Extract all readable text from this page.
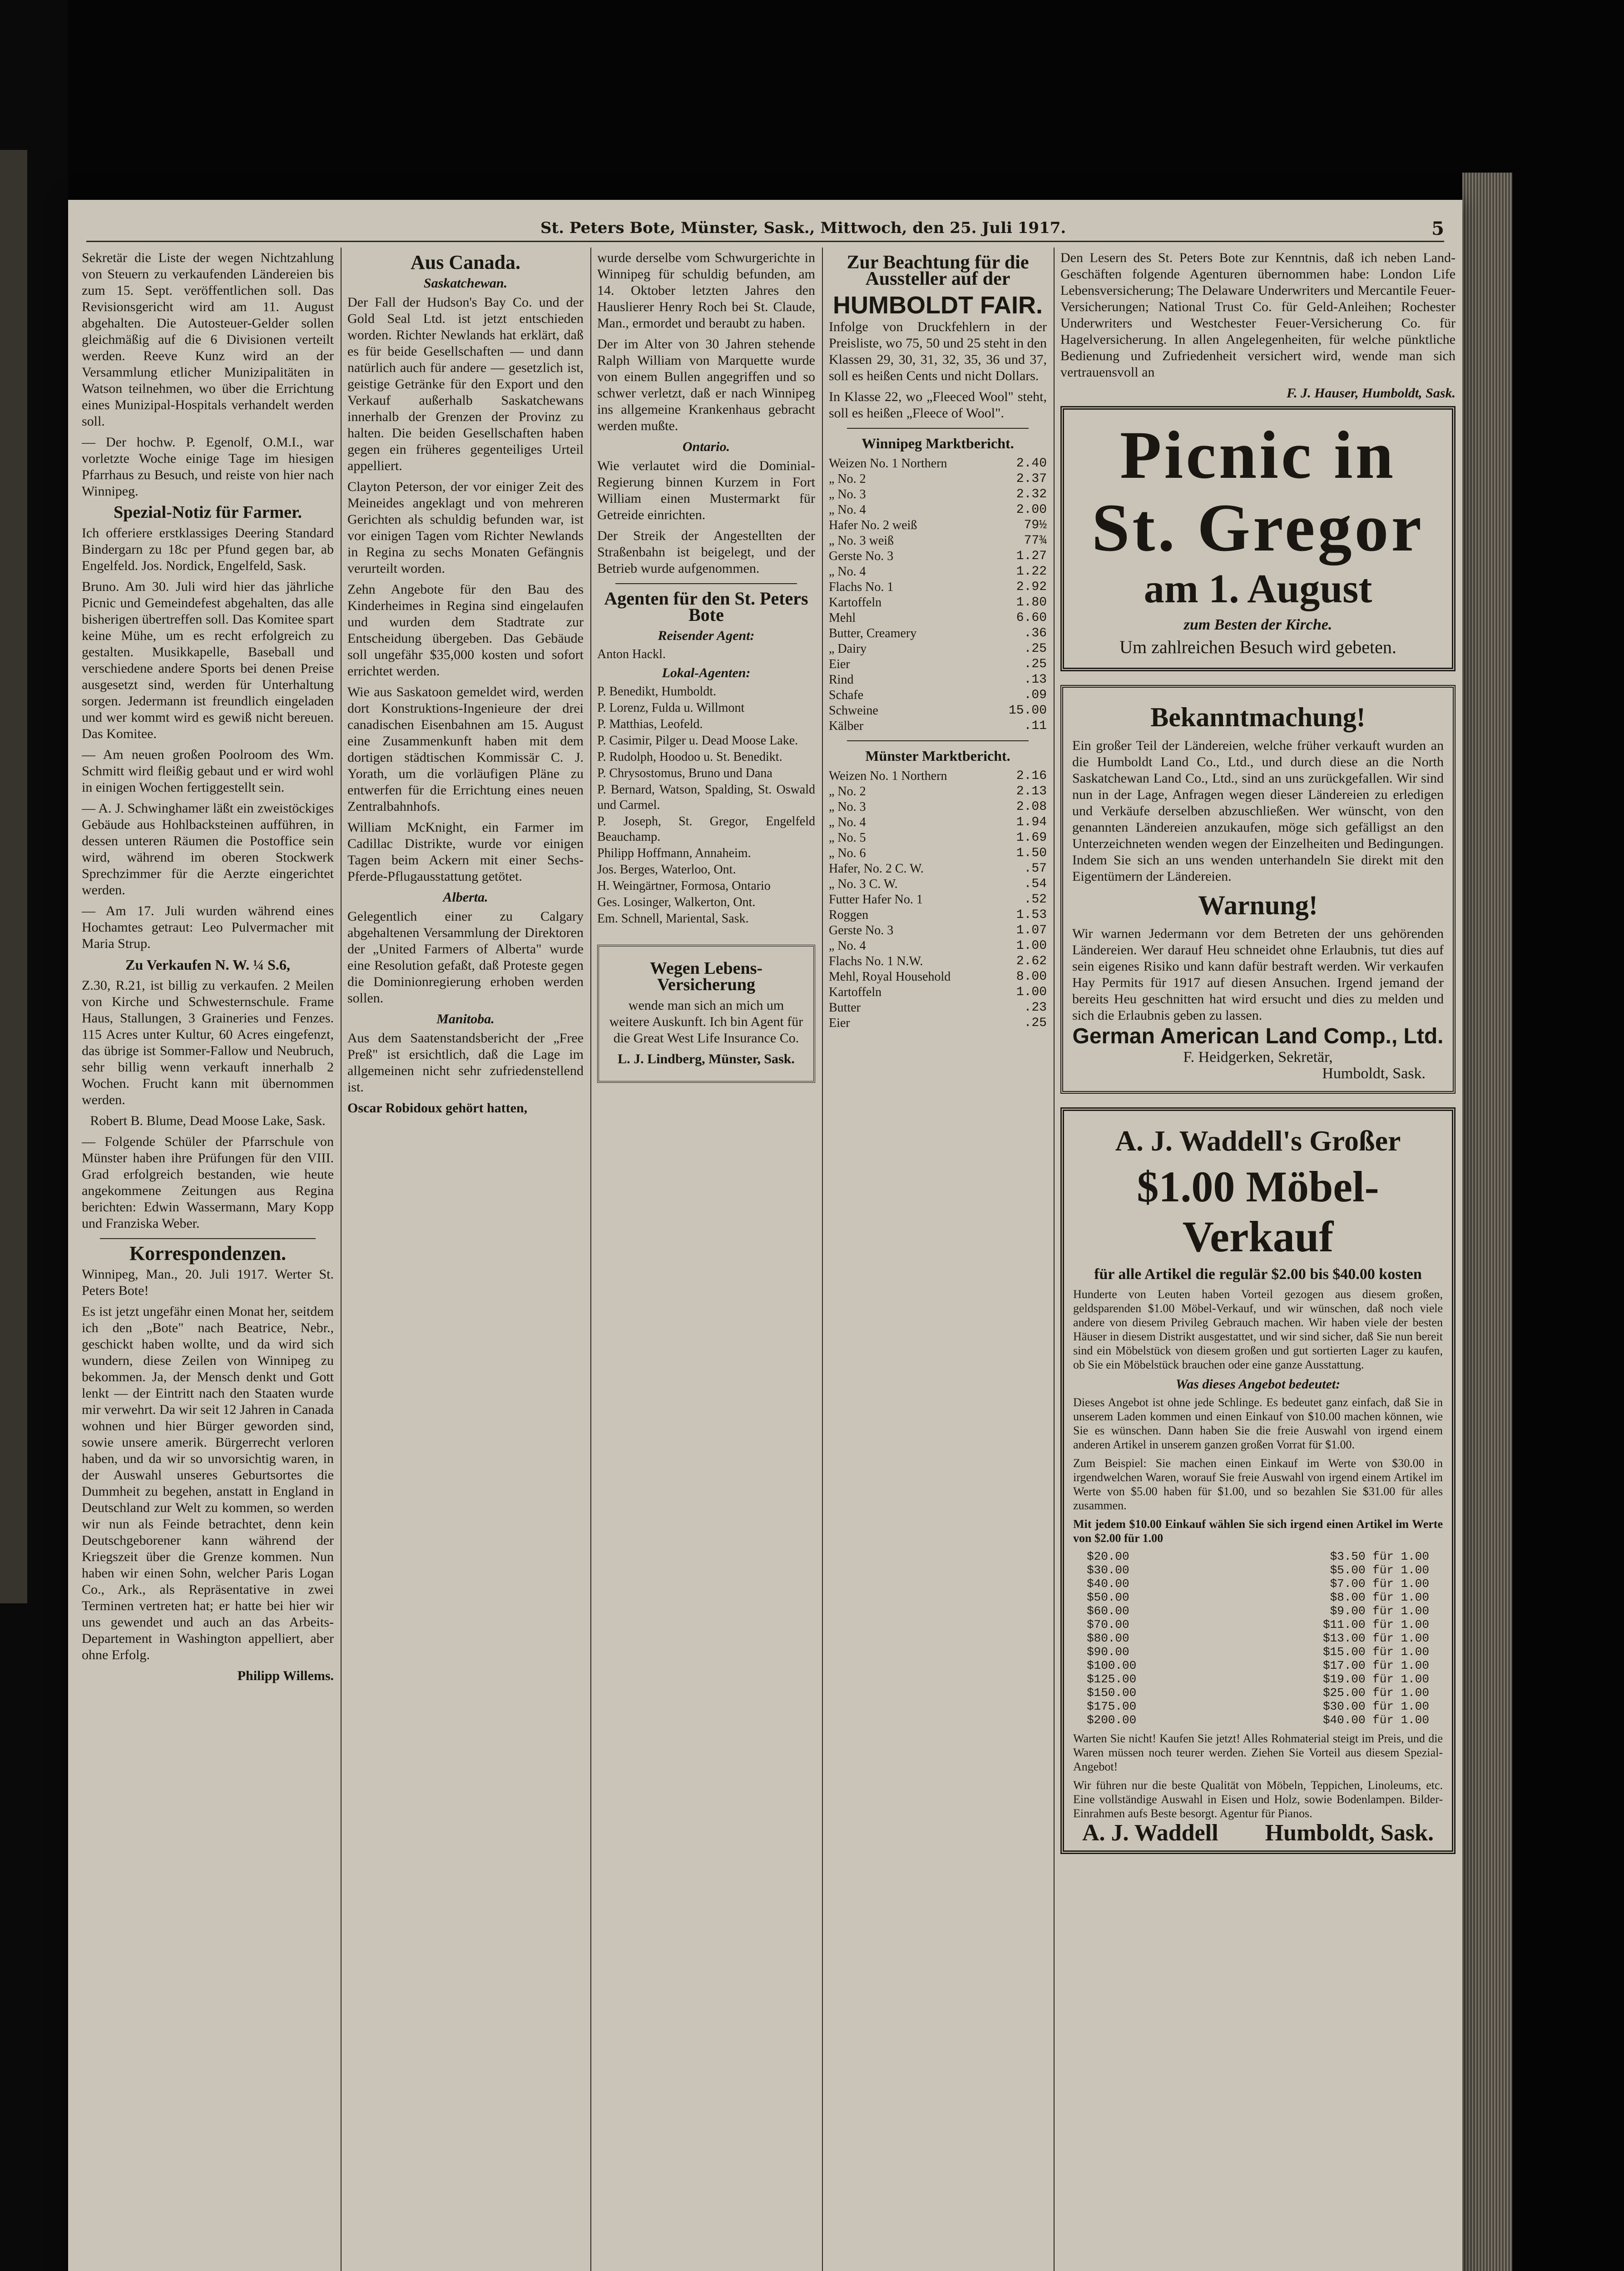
St. Peters Bote, Münster, Sask., Mittwoch, den 25. Juli 1917.	5

Sekretär die Liste der wegen Nichtzahlung von Steuern zu verkaufenden Ländereien bis zum 15. Sept. veröffentlichen soll. Das Revisionsgericht wird am 11. August abgehalten. Die Autosteuer-Gelder sollen gleichmäßig auf die 6 Divisionen verteilt werden. Reeve Kunz wird an der Versammlung etlicher Munizipalitäten in Watson teilnehmen, wo über die Errichtung eines Munizipal-Hospitals verhandelt werden soll.

— Der hochw. P. Egenolf, O.M.I., war vorletzte Woche einige Tage im hiesigen Pfarrhaus zu Besuch, und reiste von hier nach Winnipeg.

Spezial-Notiz für Farmer.

Ich offeriere erstklassiges Deering Standard Bindergarn zu 18c per Pfund gegen bar, ab Engelfeld. Jos. Nordick, Engelfeld, Sask.

Bruno. Am 30. Juli wird hier das jährliche Picnic und Gemeindefest abgehalten, das alle bisherigen übertreffen soll. Das Komitee spart keine Mühe, um es recht erfolgreich zu gestalten. Musikkapelle, Baseball und verschiedene andere Sports bei denen Preise ausgesetzt sind, werden für Unterhaltung sorgen. Jedermann ist freundlich eingeladen und wer kommt wird es gewiß nicht bereuen. Das Komitee.

— Am neuen großen Poolroom des Wm. Schmitt wird fleißig gebaut und er wird wohl in einigen Wochen fertiggestellt sein.

— A. J. Schwinghamer läßt ein zweistöckiges Gebäude aus Hohlbacksteinen aufführen, in dessen unteren Räumen die Postoffice sein wird, während im oberen Stockwerk Sprechzimmer für die Aerzte eingerichtet werden.

— Am 17. Juli wurden während eines Hochamtes getraut: Leo Pulvermacher mit Maria Strup.

Zu Verkaufen N. W. ¼ S.6,

Z.30, R.21, ist billig zu verkaufen. 2 Meilen von Kirche und Schwesternschule. Frame Haus, Stallungen, 3 Graineries und Fenzes. 115 Acres unter Kultur, 60 Acres eingefenzt, das übrige ist Sommer-Fallow und Neubruch, sehr billig wenn verkauft innerhalb 2 Wochen. Frucht kann mit übernommen werden.

Robert B. Blume, Dead Moose Lake, Sask.

— Folgende Schüler der Pfarrschule von Münster haben ihre Prüfungen für den VIII. Grad erfolgreich bestanden, wie heute angekommene Zeitungen aus Regina berichten: Edwin Wassermann, Mary Kopp und Franziska Weber.

Korrespondenzen.

Winnipeg, Man., 20. Juli 1917. Werter St. Peters Bote!

Es ist jetzt ungefähr einen Monat her, seitdem ich den „Bote" nach Beatrice, Nebr., geschickt haben wollte, und da wird sich wundern, diese Zeilen von Winnipeg zu bekommen. Ja, der Mensch denkt und Gott lenkt — der Eintritt nach den Staaten wurde mir verwehrt. Da wir seit 12 Jahren in Canada wohnen und hier Bürger geworden sind, sowie unsere amerik. Bürgerrecht verloren haben, und da wir so unvorsichtig waren, in der Auswahl unseres Geburtsortes die Dummheit zu begehen, anstatt in England in Deutschland zur Welt zu kommen, so werden wir nun als Feinde betrachtet, denn kein Deutschgeborener kann während der Kriegszeit über die Grenze kommen. Nun haben wir einen Sohn, welcher Paris Logan Co., Ark., als Repräsentative in zwei Terminen vertreten hat; er hatte bei hier wir uns gewendet und auch an das Arbeits-Departement in Washington appelliert, aber ohne Erfolg.

Philipp Willems.

Aus Canada.
Saskatchewan.

Der Fall der Hudson's Bay Co. und der Gold Seal Ltd. ist jetzt entschieden worden. Richter Newlands hat erklärt, daß es für beide Gesellschaften — und dann natürlich auch für andere — gesetzlich ist, geistige Getränke für den Export und den Verkauf außerhalb Saskatchewans innerhalb der Grenzen der Provinz zu halten. Die beiden Gesellschaften haben gegen ein früheres gegenteiliges Urteil appelliert.

Clayton Peterson, der vor einiger Zeit des Meineides angeklagt und von mehreren Gerichten als schuldig befunden war, ist vor einigen Tagen vom Richter Newlands in Regina zu sechs Monaten Gefängnis verurteilt worden.

Zehn Angebote für den Bau des Kinderheimes in Regina sind eingelaufen und wurden dem Stadtrate zur Entscheidung übergeben. Das Gebäude soll ungefähr $35,000 kosten und sofort errichtet werden.

Wie aus Saskatoon gemeldet wird, werden dort Konstruktions-Ingenieure der drei canadischen Eisenbahnen am 15. August eine Zusammenkunft haben mit dem dortigen städtischen Kommissär C. J. Yorath, um die vorläufigen Pläne zu entwerfen für die Errichtung eines neuen Zentralbahnhofs.

William McKnight, ein Farmer im Cadillac Distrikte, wurde vor einigen Tagen beim Ackern mit einer Sechs-Pferde-Pflugausstattung getötet.

Alberta.

Gelegentlich einer zu Calgary abgehaltenen Versammlung der Direktoren der „United Farmers of Alberta" wurde eine Resolution gefaßt, daß Proteste gegen die Dominionregierung erhoben werden sollen.

Manitoba.

Aus dem Saatenstandsbericht der „Free Preß" ist ersichtlich, daß die Lage im allgemeinen nicht sehr zufriedenstellend ist.

Oscar Robidoux gehört hatten,

wurde derselbe vom Schwurgerichte in Winnipeg für schuldig befunden, am 14. Oktober letzten Jahres den Hauslierer Henry Roch bei St. Claude, Man., ermordet und beraubt zu haben.

Der im Alter von 30 Jahren stehende Ralph William von Marquette wurde von einem Bullen angegriffen und so schwer verletzt, daß er nach Winnipeg ins allgemeine Krankenhaus gebracht werden mußte.

Ontario.

Wie verlautet wird die Dominial-Regierung binnen Kurzem in Fort William einen Mustermarkt für Getreide einrichten.

Der Streik der Angestellten der Straßenbahn ist beigelegt, und der Betrieb wurde aufgenommen.

Agenten für den St. Peters Bote
Reisender Agent:
Anton Hackl.
Lokal-Agenten:
P. Benedikt, Humboldt.
P. Lorenz, Fulda u. Willmont
P. Matthias, Leofeld.
P. Casimir, Pilger u. Dead Moose Lake.
P. Rudolph, Hoodoo u. St. Benedikt.
P. Chrysostomus, Bruno und Dana
P. Bernard, Watson, Spalding, St. Oswald und Carmel.
P. Joseph, St. Gregor, Engelfeld Beauchamp.
Philipp Hoffmann, Annaheim.
Jos. Berges, Waterloo, Ont.
H. Weingärtner, Formosa, Ontario
Ges. Losinger, Walkerton, Ont.
Em. Schnell, Mariental, Sask.
Wegen Lebens-Versicherung

wende man sich an mich um weitere Auskunft. Ich bin Agent für die Great West Life Insurance Co.

L. J. Lindberg, Münster, Sask.

Zur Beachtung für die Aussteller auf der
HUMBOLDT FAIR.

Infolge von Druckfehlern in der Preisliste, wo 75, 50 und 25 steht in den Klassen 29, 30, 31, 32, 35, 36 und 37, soll es heißen Cents und nicht Dollars.

In Klasse 22, wo „Fleeced Wool" steht, soll es heißen „Fleece of Wool".

Winnipeg Marktbericht.
Weizen No. 1 Northern	2.40
„ No. 2	2.37
„ No. 3	2.32
„ No. 4	2.00
Hafer No. 2 weiß	79½
„ No. 3 weiß	77¾
Gerste No. 3	1.27
„ No. 4	1.22
Flachs No. 1	2.92
Kartoffeln	1.80
Mehl	6.60
Butter, Creamery	.36
„ Dairy	.25
Eier	.25
Rind	.13
Schafe	.09
Schweine	15.00
Kälber	.11
Münster Marktbericht.
Weizen No. 1 Northern	2.16
„ No. 2	2.13
„ No. 3	2.08
„ No. 4	1.94
„ No. 5	1.69
„ No. 6	1.50
Hafer, No. 2 C. W.	.57
„ No. 3 C. W.	.54
Futter Hafer No. 1	.52
Roggen	1.53
Gerste No. 3	1.07
„ No. 4	1.00
Flachs No. 1 N.W.	2.62
Mehl, Royal Household	8.00
Kartoffeln	1.00
Butter	.23
Eier	.25

Den Lesern des St. Peters Bote zur Kenntnis, daß ich neben Land-Geschäften folgende Agenturen übernommen habe: London Life Lebensversicherung; The Delaware Underwriters und Mercantile Feuer-Versicherungen; National Trust Co. für Geld-Anleihen; Rochester Underwriters und Westchester Feuer-Versicherung Co. für Hagelversicherung. In allen Angelegenheiten, für welche pünktliche Bedienung und Zufriedenheit versichert wird, wende man sich vertrauensvoll an

F. J. Hauser, Humboldt, Sask.

Picnic in
St. Gregor
am 1. August
zum Besten der Kirche.
Um zahlreichen Besuch wird gebeten.
Bekanntmachung!

Ein großer Teil der Ländereien, welche früher verkauft wurden an die Humboldt Land Co., Ltd., und durch diese an die North Saskatchewan Land Co., Ltd., sind an uns zurückgefallen. Wir sind nun in der Lage, Anfragen wegen dieser Ländereien zu erledigen und Verkäufe derselben abzuschließen. Wer wünscht, von den genannten Ländereien anzukaufen, möge sich gefälligst an den Unterzeichneten wenden wegen der Einzelheiten und Bedingungen. Indem Sie sich an uns wenden unterhandeln Sie direkt mit den Eigentümern der Ländereien.

Warnung!

Wir warnen Jedermann vor dem Betreten der uns gehörenden Ländereien. Wer darauf Heu schneidet ohne Erlaubnis, tut dies auf sein eigenes Risiko und kann dafür bestraft werden. Wir verkaufen Hay Permits für 1917 auf diesen Ansuchen. Irgend jemand der bereits Heu geschnitten hat wird ersucht und dies zu melden und sich die Erlaubnis geben zu lassen.

German American Land Comp., Ltd.
F. Heidgerken, Sekretär,
Humboldt, Sask.
A. J. Waddell's Großer
$1.00 Möbel-Verkauf
für alle Artikel die regulär $2.00 bis $40.00 kosten

Hunderte von Leuten haben Vorteil gezogen aus diesem großen, geldsparenden $1.00 Möbel-Verkauf, und wir wünschen, daß noch viele andere von diesem Privileg Gebrauch machen. Wir haben viele der besten Häuser in diesem Distrikt ausgestattet, und wir sind sicher, daß Sie nun bereit sind ein Möbelstück von diesem großen und gut sortierten Lager zu kaufen, ob Sie ein Möbelstück brauchen oder eine ganze Ausstattung.

Was dieses Angebot bedeutet:

Dieses Angebot ist ohne jede Schlinge. Es bedeutet ganz einfach, daß Sie in unserem Laden kommen und einen Einkauf von $10.00 machen können, wie Sie es wünschen. Dann haben Sie die freie Auswahl von irgend einem anderen Artikel in unserem ganzen großen Vorrat für $1.00.

Zum Beispiel: Sie machen einen Einkauf im Werte von $30.00 in irgendwelchen Waren, worauf Sie freie Auswahl von irgend einem Artikel im Werte von $5.00 haben für $1.00, und so bezahlen Sie $31.00 für alles zusammen.

Mit jedem $10.00 Einkauf wählen Sie sich irgend einen Artikel im Werte von $2.00 für 1.00

$20.00	$3.50 für 1.00
$30.00	$5.00 für 1.00
$40.00	$7.00 für 1.00
$50.00	$8.00 für 1.00
$60.00	$9.00 für 1.00
$70.00	$11.00 für 1.00
$80.00	$13.00 für 1.00
$90.00	$15.00 für 1.00
$100.00	$17.00 für 1.00
$125.00	$19.00 für 1.00
$150.00	$25.00 für 1.00
$175.00	$30.00 für 1.00
$200.00	$40.00 für 1.00

Warten Sie nicht! Kaufen Sie jetzt! Alles Rohmaterial steigt im Preis, und die Waren müssen noch teurer werden. Ziehen Sie Vorteil aus diesem Spezial-Angebot!

Wir führen nur die beste Qualität von Möbeln, Teppichen, Linoleums, etc. Eine vollständige Auswahl in Eisen und Holz, sowie Bodenlampen. Bilder-Einrahmen aufs Beste besorgt. Agentur für Pianos.

A. J. Waddell Humboldt, Sask.
